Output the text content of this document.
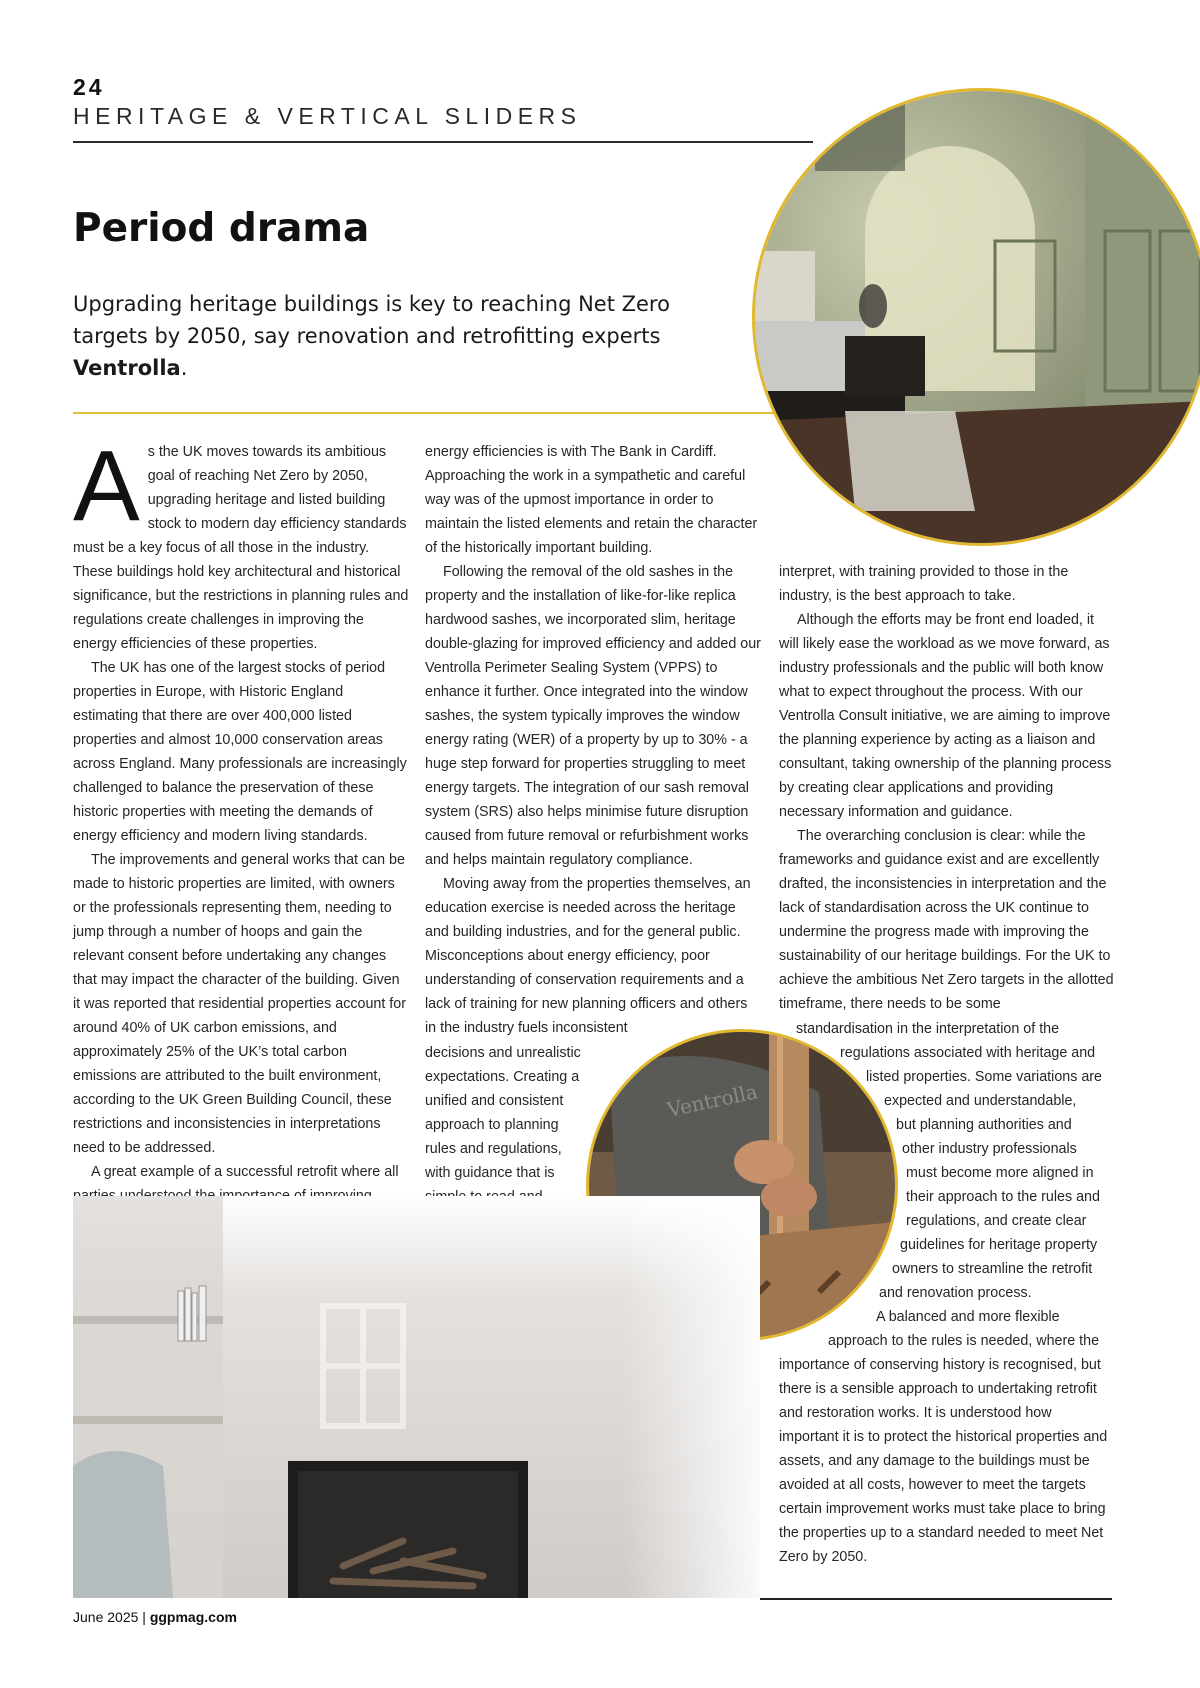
24
HERITAGE & VERTICAL SLIDERS
Period drama

Upgrading heritage buildings is key to reaching Net Zero targets by 2050, say renovation and retrofitting experts Ventrolla.

As the UK moves towards its ambitious goal of reaching Net Zero by 2050, upgrading heritage and listed building stock to modern day efficiency standards must be a key focus of all those in the industry. These buildings hold key architectural and historical significance, but the restrictions in planning rules and regulations create challenges in improving the energy efficiencies of these properties.

The UK has one of the largest stocks of period properties in Europe, with Historic England estimating that there are over 400,000 listed properties and almost 10,000 conservation areas across England. Many professionals are increasingly challenged to balance the preservation of these historic properties with meeting the demands of energy efficiency and modern living standards.

The improvements and general works that can be made to historic properties are limited, with owners or the professionals representing them, needing to jump through a number of hoops and gain the relevant consent before undertaking any changes that may impact the character of the building. Given it was reported that residential properties account for around 40% of UK carbon emissions, and approximately 25% of the UK’s total carbon emissions are attributed to the built environment, according to the UK Green Building Council, these restrictions and inconsistencies in interpretations need to be addressed.

A great example of a successful retrofit where all

energy efficiencies is with The Bank in Cardiff. Approaching the work in a sympathetic and careful way was of the upmost importance in order to maintain the listed elements and retain the character of the historically important building.

Following the removal of the old sashes in the property and the installation of like-for-like replica hardwood sashes, we incorporated slim, heritage double-glazing for improved efficiency and added our Ventrolla Perimeter Sealing System (VPPS) to enhance it further. Once integrated into the window sashes, the system typically improves the window energy rating (WER) of a property by up to 30% - a huge step forward for properties struggling to meet energy targets. The integration of our sash removal system (SRS) also helps minimise future disruption caused from future removal or refurbishment works and helps maintain regulatory compliance.

Moving away from the properties themselves, an education exercise is needed across the heritage and building industries, and for the general public. Misconceptions about energy efficiency, poor understanding of conservation requirements and a lack of training for new planning officers and others in the industry fuels inconsistent

decisions and unrealistic
expectations. Creating a
unified and consistent
approach to planning
rules and regulations,
with guidance that is

interpret, with training provided to those in the industry, is the best approach to take.

Although the efforts may be front end loaded, it will likely ease the workload as we move forward, as industry professionals and the public will both know what to expect throughout the process. With our Ventrolla Consult initiative, we are aiming to improve the planning experience by acting as a liaison and consultant, taking ownership of the planning process by creating clear applications and providing necessary information and guidance.

The overarching conclusion is clear: while the frameworks and guidance exist and are excellently drafted, the inconsistencies in interpretation and the lack of standardisation across the UK continue to undermine the progress made with improving the sustainability of our heritage buildings. For the UK to achieve the ambitious Net Zero targets in the allotted timeframe, there needs to be some

standardisation in the interpretation of the
regulations associated with heritage and
listed properties. Some variations are
expected and understandable,
but planning authorities and
other industry professionals
must become more aligned in
their approach to the rules and
regulations, and create clear
guidelines for heritage property
owners to streamline the retrofit
and renovation process.
A balanced and more flexible
approach to the rules is needed, where the

importance of conserving history is recognised, but there is a sensible approach to undertaking retrofit and restoration works. It is understood how important it is to protect the historical properties and assets, and any damage to the buildings must be avoided at all costs, however to meet the targets certain improvement works must take place to bring the properties up to a standard needed to meet Net Zero by 2050.

Ventrolla
June 2025 | ggpmag.com
